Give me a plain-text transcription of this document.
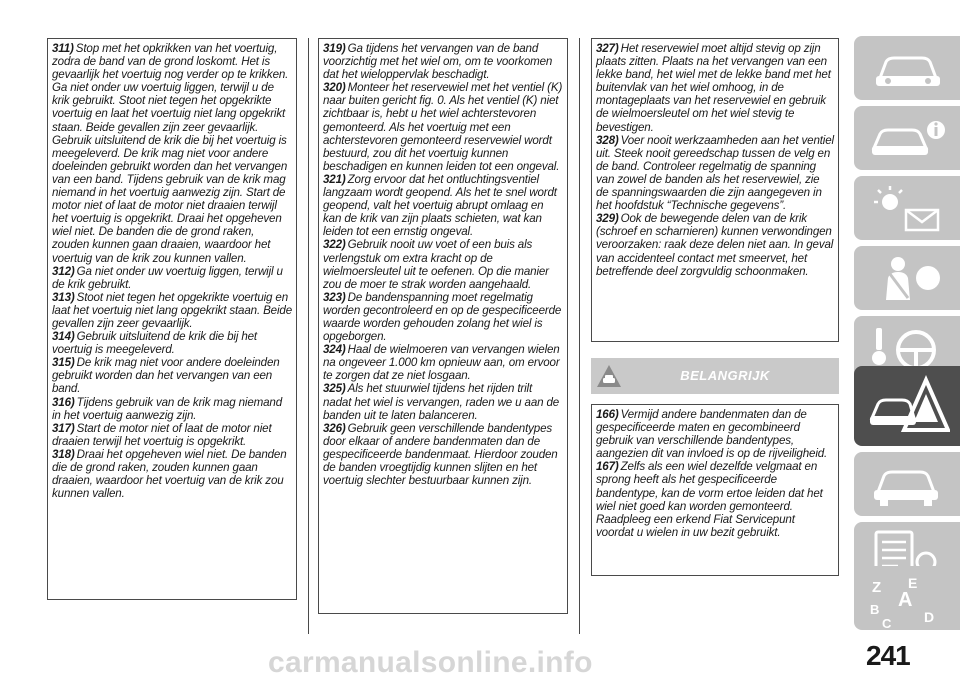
311) Stop met het opkrikken van het voertuig, zodra de band van de grond loskomt. Het is gevaarlijk het voertuig nog verder op te krikken. Ga niet onder uw voertuig liggen, terwijl u de krik gebruikt. Stoot niet tegen het opgekrikte voertuig en laat het voertuig niet lang opgekrikt staan. Beide gevallen zijn zeer gevaarlijk. Gebruik uitsluitend de krik die bij het voertuig is meegeleverd. De krik mag niet voor andere doeleinden gebruikt worden dan het vervangen van een band. Tijdens gebruik van de krik mag niemand in het voertuig aanwezig zijn. Start de motor niet of laat de motor niet draaien terwijl het voertuig is opgekrikt. Draai het opgeheven wiel niet. De banden die de grond raken, zouden kunnen gaan draaien, waardoor het voertuig van de krik zou kunnen vallen.

312) Ga niet onder uw voertuig liggen, terwijl u de krik gebruikt.

313) Stoot niet tegen het opgekrikte voertuig en laat het voertuig niet lang opgekrikt staan. Beide gevallen zijn zeer gevaarlijk.

314) Gebruik uitsluitend de krik die bij het voertuig is meegeleverd.

315) De krik mag niet voor andere doeleinden gebruikt worden dan het vervangen van een band.

316) Tijdens gebruik van de krik mag niemand in het voertuig aanwezig zijn.

317) Start de motor niet of laat de motor niet draaien terwijl het voertuig is opgekrikt.

318) Draai het opgeheven wiel niet. De banden die de grond raken, zouden kunnen gaan draaien, waardoor het voertuig van de krik zou kunnen vallen.

319) Ga tijdens het vervangen van de band voorzichtig met het wiel om, om te voorkomen dat het wieloppervlak beschadigt.

320) Monteer het reservewiel met het ventiel (K) naar buiten gericht fig. 0. Als het ventiel (K) niet zichtbaar is, hebt u het wiel achterstevoren gemonteerd. Als het voertuig met een achterstevoren gemonteerd reservewiel wordt bestuurd, zou dit het voertuig kunnen beschadigen en kunnen leiden tot een ongeval.

321) Zorg ervoor dat het ontluchtingsventiel langzaam wordt geopend. Als het te snel wordt geopend, valt het voertuig abrupt omlaag en kan de krik van zijn plaats schieten, wat kan leiden tot een ernstig ongeval.

322) Gebruik nooit uw voet of een buis als verlengstuk om extra kracht op de wielmoersleutel uit te oefenen. Op die manier zou de moer te strak worden aangehaald.

323) De bandenspanning moet regelmatig worden gecontroleerd en op de gespecificeerde waarde worden gehouden zolang het wiel is opgeborgen.

324) Haal de wielmoeren van vervangen wielen na ongeveer 1.000 km opnieuw aan, om ervoor te zorgen dat ze niet losgaan.

325) Als het stuurwiel tijdens het rijden trilt nadat het wiel is vervangen, raden we u aan de banden uit te laten balanceren.

326) Gebruik geen verschillende bandentypes door elkaar of andere bandenmaten dan de gespecificeerde bandenmaat. Hierdoor zouden de banden vroegtijdig kunnen slijten en het voertuig slechter bestuurbaar kunnen zijn.

327) Het reservewiel moet altijd stevig op zijn plaats zitten. Plaats na het vervangen van een lekke band, het wiel met de lekke band met het buitenvlak van het wiel omhoog, in de montageplaats van het reservewiel en gebruik de wielmoersleutel om het wiel stevig te bevestigen.

328) Voer nooit werkzaamheden aan het ventiel uit. Steek nooit gereedschap tussen de velg en de band. Controleer regelmatig de spanning van zowel de banden als het reservewiel, zie de spanningswaarden die zijn aangegeven in het hoofdstuk “Technische gegevens”.

329) Ook de bewegende delen van de krik (schroef en scharnieren) kunnen verwondingen veroorzaken: raak deze delen niet aan. In geval van accidenteel contact met smeervet, het betreffende deel zorgvuldig schoonmaken.

BELANGRIJK

166) Vermijd andere bandenmaten dan de gespecificeerde maten en gecombineerd gebruik van verschillende bandentypes, aangezien dit van invloed is op de rijveiligheid.

167) Zelfs als een wiel dezelfde velgmaat en sprong heeft als het gespecificeerde bandentype, kan de vorm ertoe leiden dat het wiel niet goed kan worden gemonteerd. Raadpleeg een erkend Fiat Servicepunt voordat u wielen in uw bezit gebruikt.

Z E
A
B
C D
carmanualsonline.info	241
